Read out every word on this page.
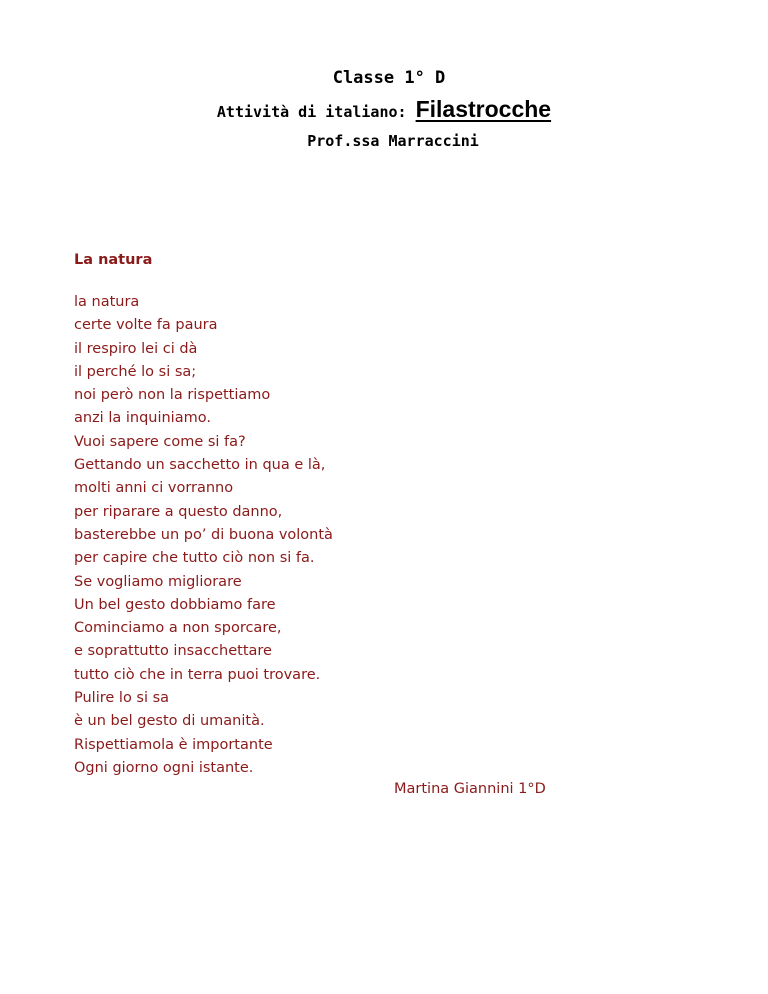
Classe 1° D
Attività di italiano: Filastrocche
Prof.ssa Marraccini
La natura
la natura
certe volte fa paura
il respiro lei ci dà
il perché lo si sa;
noi però non la rispettiamo
anzi la inquiniamo.
Vuoi sapere come si fa?
Gettando un sacchetto in qua e là,
molti anni ci vorranno
per riparare a questo danno,
basterebbe un po’ di buona volontà
per capire che tutto ciò non si fa.
Se vogliamo migliorare
Un bel gesto dobbiamo fare
Cominciamo a non sporcare,
e soprattutto insacchettare
tutto ciò che in terra puoi trovare.
Pulire lo si sa
è un bel gesto di umanità.
Rispettiamola è importante
Ogni giorno ogni istante.
Martina Giannini 1°D
